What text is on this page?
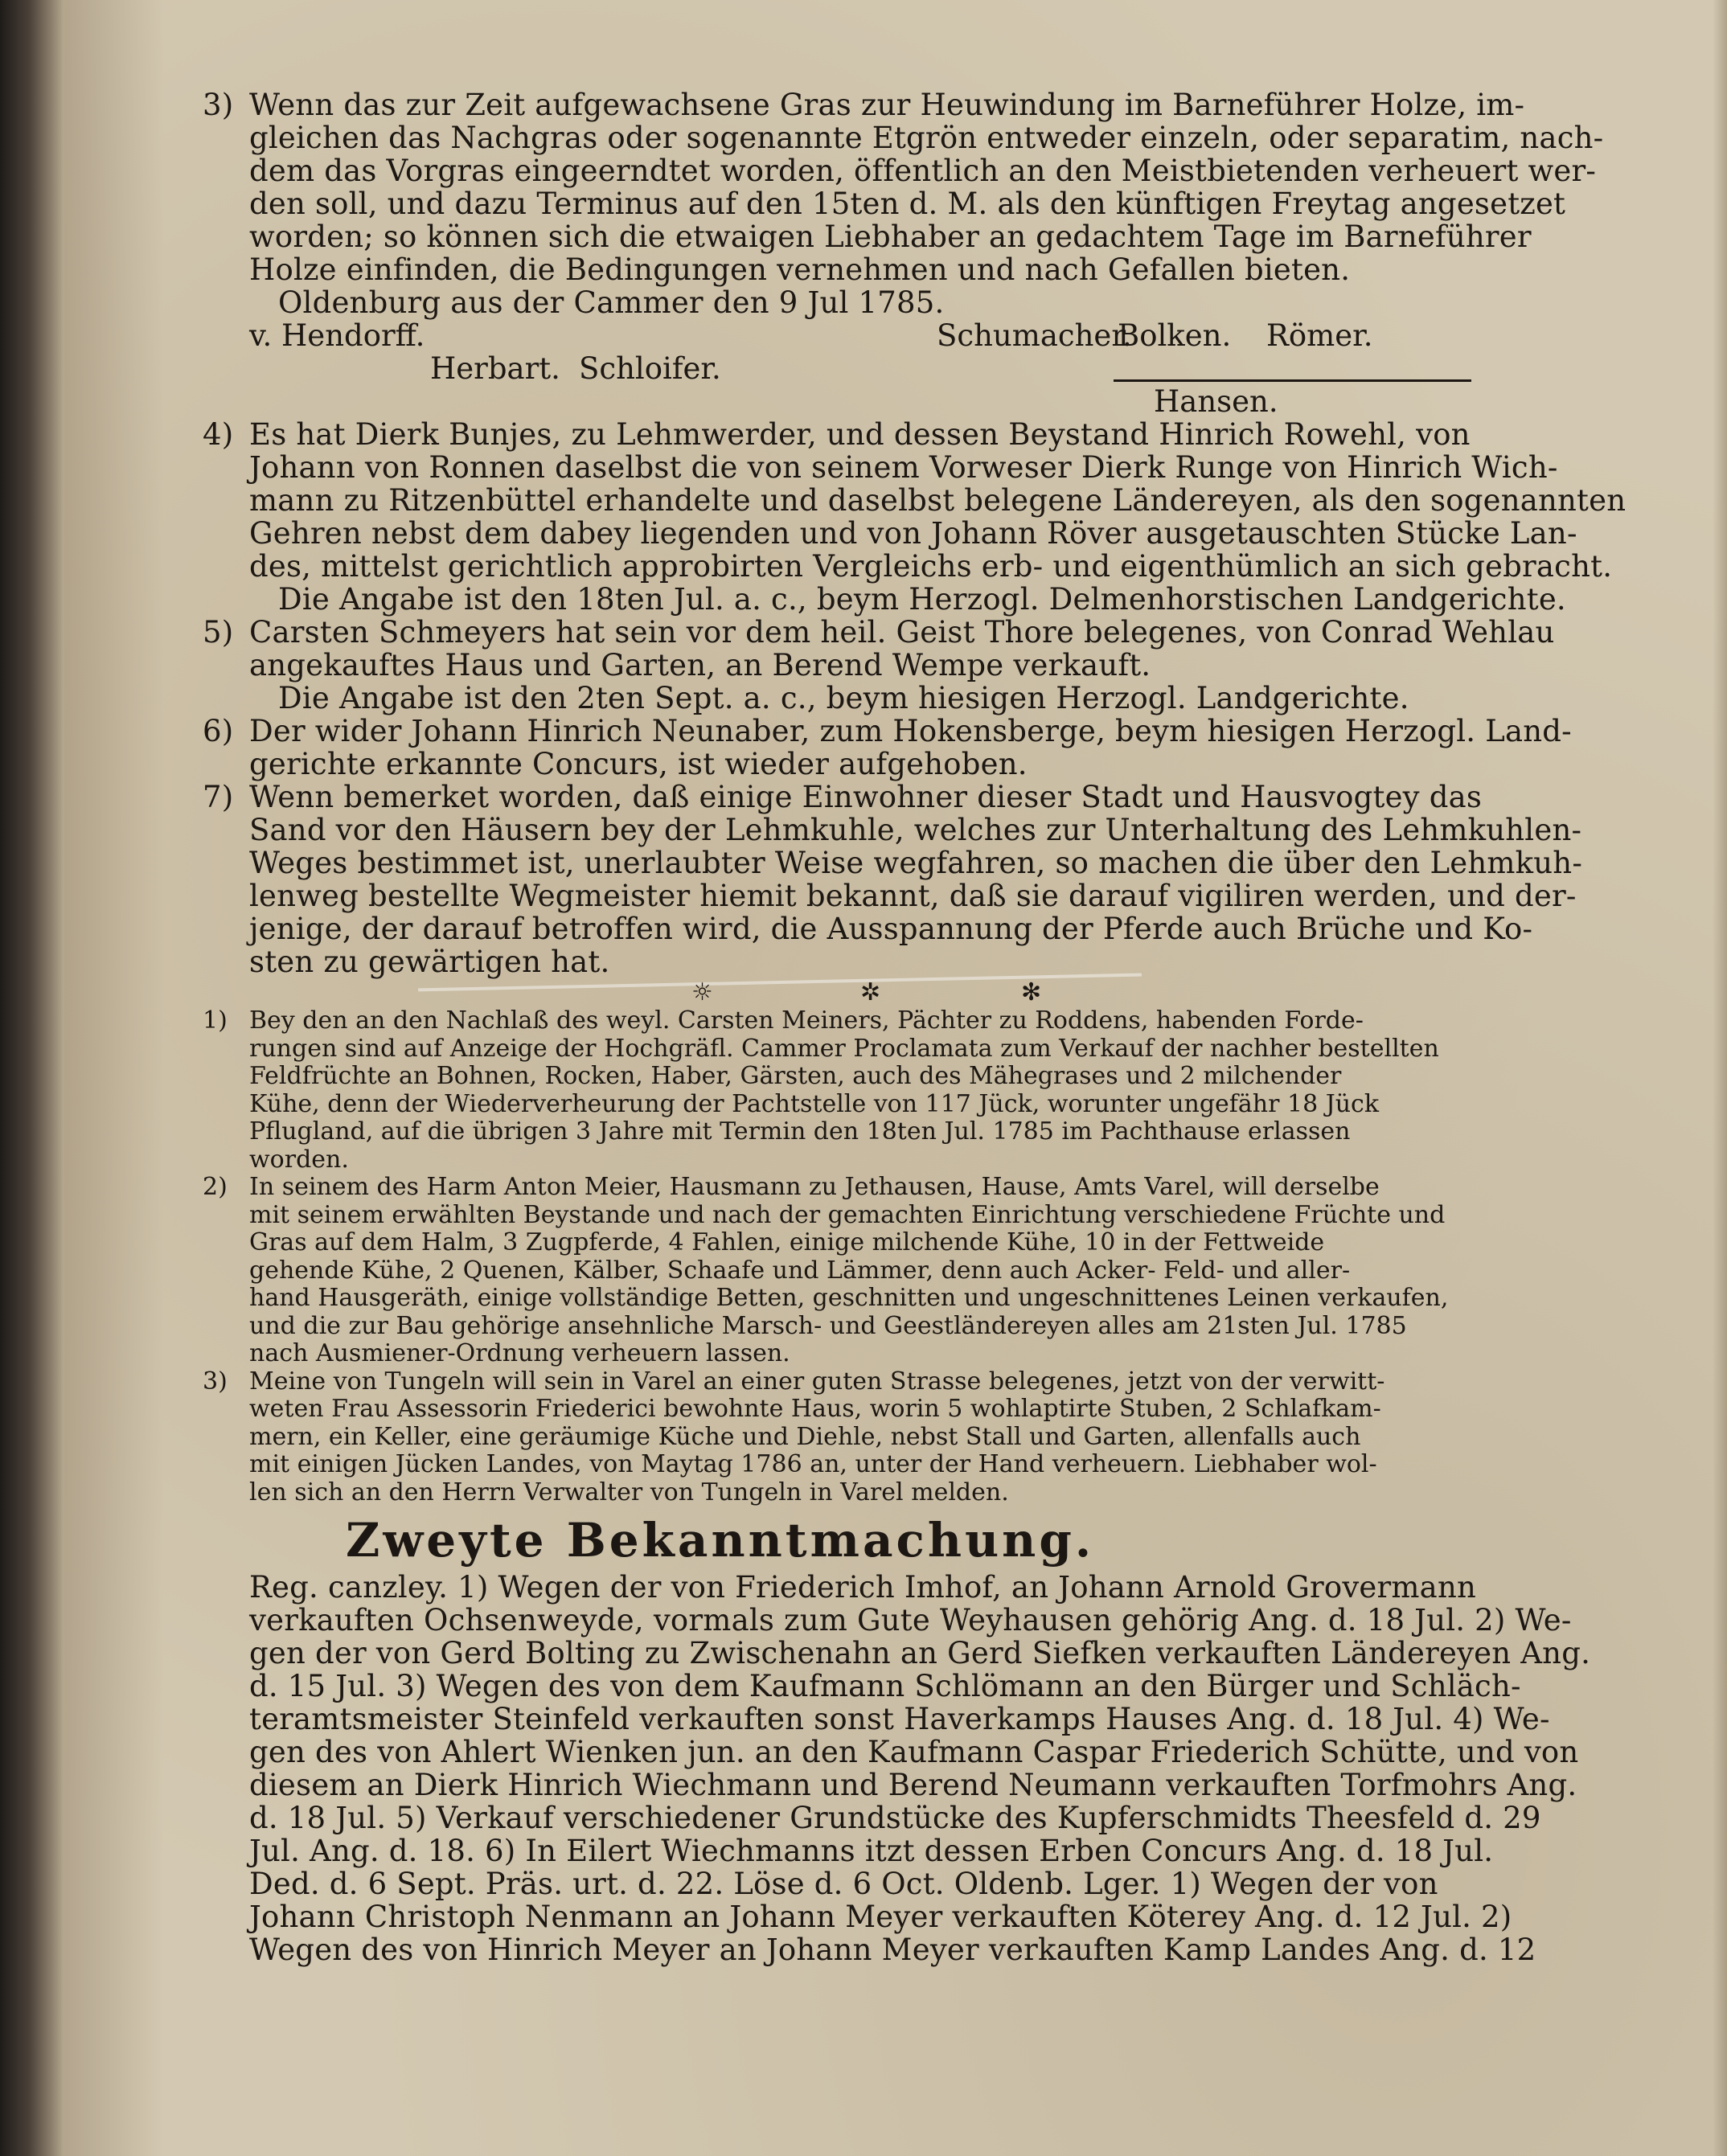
3) Wenn das zur Zeit aufgewachsene Gras zur Heuwindung im Barneführer Holze, im-

gleichen das Nachgras oder sogenannte Etgrön entweder einzeln, oder separatim, nach-

dem das Vorgras eingeerndtet worden, öffentlich an den Meistbietenden verheuert wer-

den soll, und dazu Terminus auf den 15ten d. M. als den künftigen Freytag angesetzet

worden; so können sich die etwaigen Liebhaber an gedachtem Tage im Barneführer

Holze einfinden, die Bedingungen vernehmen und nach Gefallen bieten.

Oldenburg aus der Cammer den 9 Jul 1785.

v. Hendorff.	Schumacher.
Bolken. Römer.
Herbart. Schloifer.
Hansen.

4) Es hat Dierk Bunjes, zu Lehmwerder, und dessen Beystand Hinrich Rowehl, von

Johann von Ronnen daselbst die von seinem Vorweser Dierk Runge von Hinrich Wich-

mann zu Ritzenbüttel erhandelte und daselbst belegene Ländereyen, als den sogenannten

Gehren nebst dem dabey liegenden und von Johann Röver ausgetauschten Stücke Lan-

des, mittelst gerichtlich approbirten Vergleichs erb- und eigenthümlich an sich gebracht.

Die Angabe ist den 18ten Jul. a. c., beym Herzogl. Delmenhorstischen Landgerichte.

5) Carsten Schmeyers hat sein vor dem heil. Geist Thore belegenes, von Conrad Wehlau

angekauftes Haus und Garten, an Berend Wempe verkauft.

Die Angabe ist den 2ten Sept. a. c., beym hiesigen Herzogl. Landgerichte.

6) Der wider Johann Hinrich Neunaber, zum Hokensberge, beym hiesigen Herzogl. Land-

gerichte erkannte Concurs, ist wieder aufgehoben.

7) Wenn bemerket worden, daß einige Einwohner dieser Stadt und Hausvogtey das

Sand vor den Häusern bey der Lehmkuhle, welches zur Unterhaltung des Lehmkuhlen-

Weges bestimmet ist, unerlaubter Weise wegfahren, so machen die über den Lehmkuh-

lenweg bestellte Wegmeister hiemit bekannt, daß sie darauf vigiliren werden, und der-

jenige, der darauf betroffen wird, die Ausspannung der Pferde auch Brüche und Ko-

sten zu gewärtigen hat.

☼	✲	✻

1) Bey den an den Nachlaß des weyl. Carsten Meiners, Pächter zu Roddens, habenden Forde-

rungen sind auf Anzeige der Hochgräfl. Cammer Proclamata zum Verkauf der nachher bestellten

Feldfrüchte an Bohnen, Rocken, Haber, Gärsten, auch des Mähegrases und 2 milchender

Kühe, denn der Wiederverheurung der Pachtstelle von 117 Jück, worunter ungefähr 18 Jück

Pflugland, auf die übrigen 3 Jahre mit Termin den 18ten Jul. 1785 im Pachthause erlassen

worden.

2) In seinem des Harm Anton Meier, Hausmann zu Jethausen, Hause, Amts Varel, will derselbe

mit seinem erwählten Beystande und nach der gemachten Einrichtung verschiedene Früchte und

Gras auf dem Halm, 3 Zugpferde, 4 Fahlen, einige milchende Kühe, 10 in der Fettweide

gehende Kühe, 2 Quenen, Kälber, Schaafe und Lämmer, denn auch Acker- Feld- und aller-

hand Hausgeräth, einige vollständige Betten, geschnitten und ungeschnittenes Leinen verkaufen,

und die zur Bau gehörige ansehnliche Marsch- und Geestländereyen alles am 21sten Jul. 1785

nach Ausmiener-Ordnung verheuern lassen.

3) Meine von Tungeln will sein in Varel an einer guten Strasse belegenes, jetzt von der verwitt-

weten Frau Assessorin Friederici bewohnte Haus, worin 5 wohlaptirte Stuben, 2 Schlafkam-

mern, ein Keller, eine geräumige Küche und Diehle, nebst Stall und Garten, allenfalls auch

mit einigen Jücken Landes, von Maytag 1786 an, unter der Hand verheuern. Liebhaber wol-

len sich an den Herrn Verwalter von Tungeln in Varel melden.

Zweyte Bekanntmachung.

Reg. canzley. 1) Wegen der von Friederich Imhof, an Johann Arnold Grovermann

verkauften Ochsenweyde, vormals zum Gute Weyhausen gehörig Ang. d. 18 Jul. 2) We-

gen der von Gerd Bolting zu Zwischenahn an Gerd Siefken verkauften Ländereyen Ang.

d. 15 Jul. 3) Wegen des von dem Kaufmann Schlömann an den Bürger und Schläch-

teramtsmeister Steinfeld verkauften sonst Haverkamps Hauses Ang. d. 18 Jul. 4) We-

gen des von Ahlert Wienken jun. an den Kaufmann Caspar Friederich Schütte, und von

diesem an Dierk Hinrich Wiechmann und Berend Neumann verkauften Torfmohrs Ang.

d. 18 Jul. 5) Verkauf verschiedener Grundstücke des Kupferschmidts Theesfeld d. 29

Jul. Ang. d. 18. 6) In Eilert Wiechmanns itzt dessen Erben Concurs Ang. d. 18 Jul.

Ded. d. 6 Sept. Präs. urt. d. 22. Löse d. 6 Oct. Oldenb. Lger. 1) Wegen der von

Johann Christoph Nenmann an Johann Meyer verkauften Köterey Ang. d. 12 Jul. 2)

Wegen des von Hinrich Meyer an Johann Meyer verkauften Kamp Landes Ang. d. 12
